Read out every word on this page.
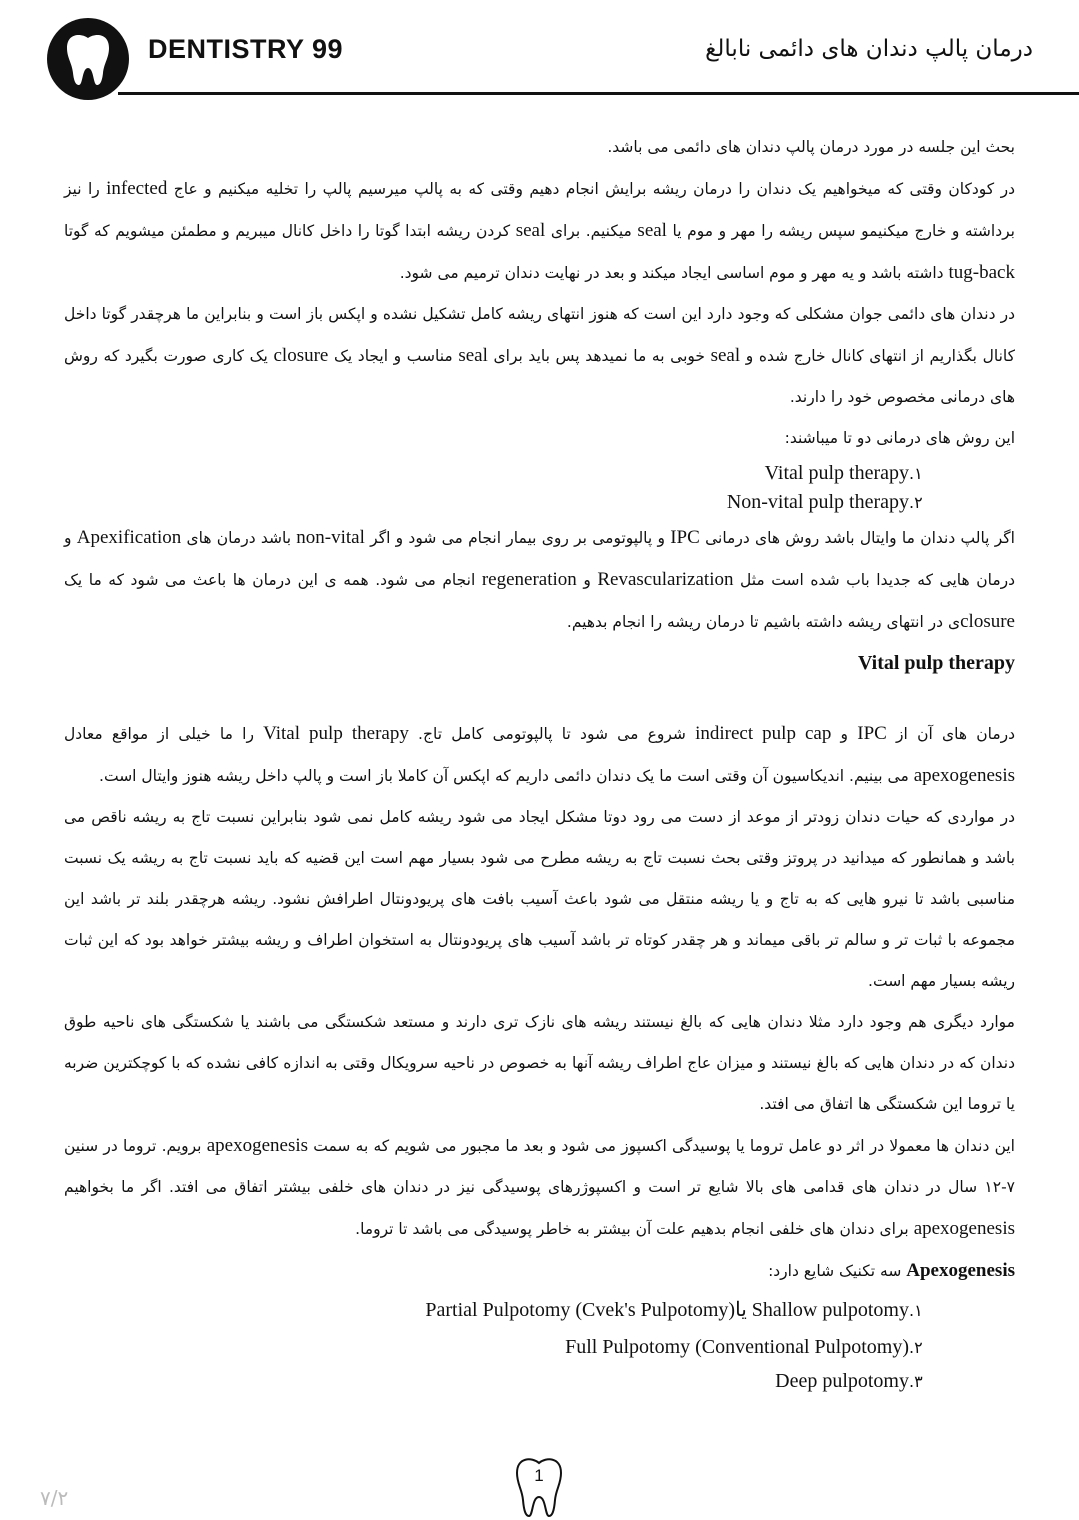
DENTISTRY 99	درمان پالپ دندان های دائمی نابالغ

بحث این جلسه در مورد درمان پالپ دندان های دائمی می باشد.

در کودکان وقتی که میخواهیم یک دندان را درمان ریشه برایش انجام دهیم وقتی که به پالپ میرسیم پالپ را تخلیه میکنیم و عاج infected را نیز برداشته و خارج میکنیمو سپس ریشه را مهر و موم یا seal میکنیم. برای seal کردن ریشه ابتدا گوتا را داخل کانال میبریم و مطمئن میشویم که گوتا tug-back داشته باشد و یه مهر و موم اساسی ایجاد میکند و بعد در نهایت دندان ترمیم می شود.

در دندان های دائمی جوان مشکلی که وجود دارد این است که هنوز انتهای ریشه کامل تشکیل نشده و اپکس باز است و بنابراین ما هرچقدر گوتا داخل کانال بگذاریم از انتهای کانال خارج شده و seal خوبی به ما نمیدهد پس باید برای seal مناسب و ایجاد یک closure یک کاری صورت بگیرد که روش های درمانی مخصوص خود را دارند.

این روش های درمانی دو تا میباشند:

۱.Vital pulp therapy
۲.Non-vital pulp therapy

اگر پالپ دندان ما وایتال باشد روش های درمانی IPC و پالپوتومی بر روی بیمار انجام می شود و اگر non-vital باشد درمان های Apexification و درمان هایی که جدیدا باب شده است مثل Revascularization و regeneration انجام می شود. همه ی این درمان ها باعث می شود که ما یک closureی در انتهای ریشه داشته باشیم تا درمان ریشه را انجام بدهیم.

Vital pulp therapy

درمان های آن از IPC و indirect pulp cap شروع می شود تا پالپوتومی کامل تاج. Vital pulp therapy را ما خیلی از مواقع معادل apexogenesis می بینیم. اندیکاسیون آن وقتی است ما یک دندان دائمی داریم که اپکس آن کاملا باز است و پالپ داخل ریشه هنوز وایتال است.

در مواردی که حیات دندان زودتر از موعد از دست می رود دوتا مشکل ایجاد می شود ریشه کامل نمی شود بنابراین نسبت تاج به ریشه ناقص می باشد و همانطور که میدانید در پروتز وقتی بحث نسبت تاج به ریشه مطرح می شود بسیار مهم است این قضیه که باید نسبت تاج به ریشه یک نسبت مناسبی باشد تا نیرو هایی که به تاج و یا ریشه منتقل می شود باعث آسیب بافت های پریودونتال اطرافش نشود. ریشه هرچقدر بلند تر باشد این مجموعه با ثبات تر و سالم تر باقی میماند و هر چقدر کوتاه تر باشد آسیب های پریودونتال به استخوان اطراف و ریشه بیشتر خواهد بود که این ثبات ریشه بسیار مهم است.

موارد دیگری هم وجود دارد مثلا دندان هایی که بالغ نیستند ریشه های نازک تری دارند و مستعد شکستگی می باشند یا شکستگی های ناحیه طوق دندان که در دندان هایی که بالغ نیستند و میزان عاج اطراف ریشه آنها به خصوص در ناحیه سرویکال وقتی به اندازه کافی نشده که با کوچکترین ضربه یا تروما این شکستگی ها اتفاق می افتد.

این دندان ها معمولا در اثر دو عامل تروما یا پوسیدگی اکسپوز می شود و بعد ما مجبور می شویم که به سمت apexogenesis برویم. تروما در سنین ۷-۱۲ سال در دندان های قدامی های بالا شایع تر است و اکسپوژرهای پوسیدگی نیز در دندان های خلفی بیشتر اتفاق می افتد. اگر ما بخواهیم apexogenesis برای دندان های خلفی انجام بدهیم علت آن بیشتر به خاطر پوسیدگی می باشد تا تروما.

Apexogenesis سه تکنیک شایع دارد:

۱.Partial Pulpotomy (Cvek's Pulpotomy)یا Shallow pulpotomy
۲.Full Pulpotomy (Conventional Pulpotomy)
۳.Deep pulpotomy
1
۷/۲
